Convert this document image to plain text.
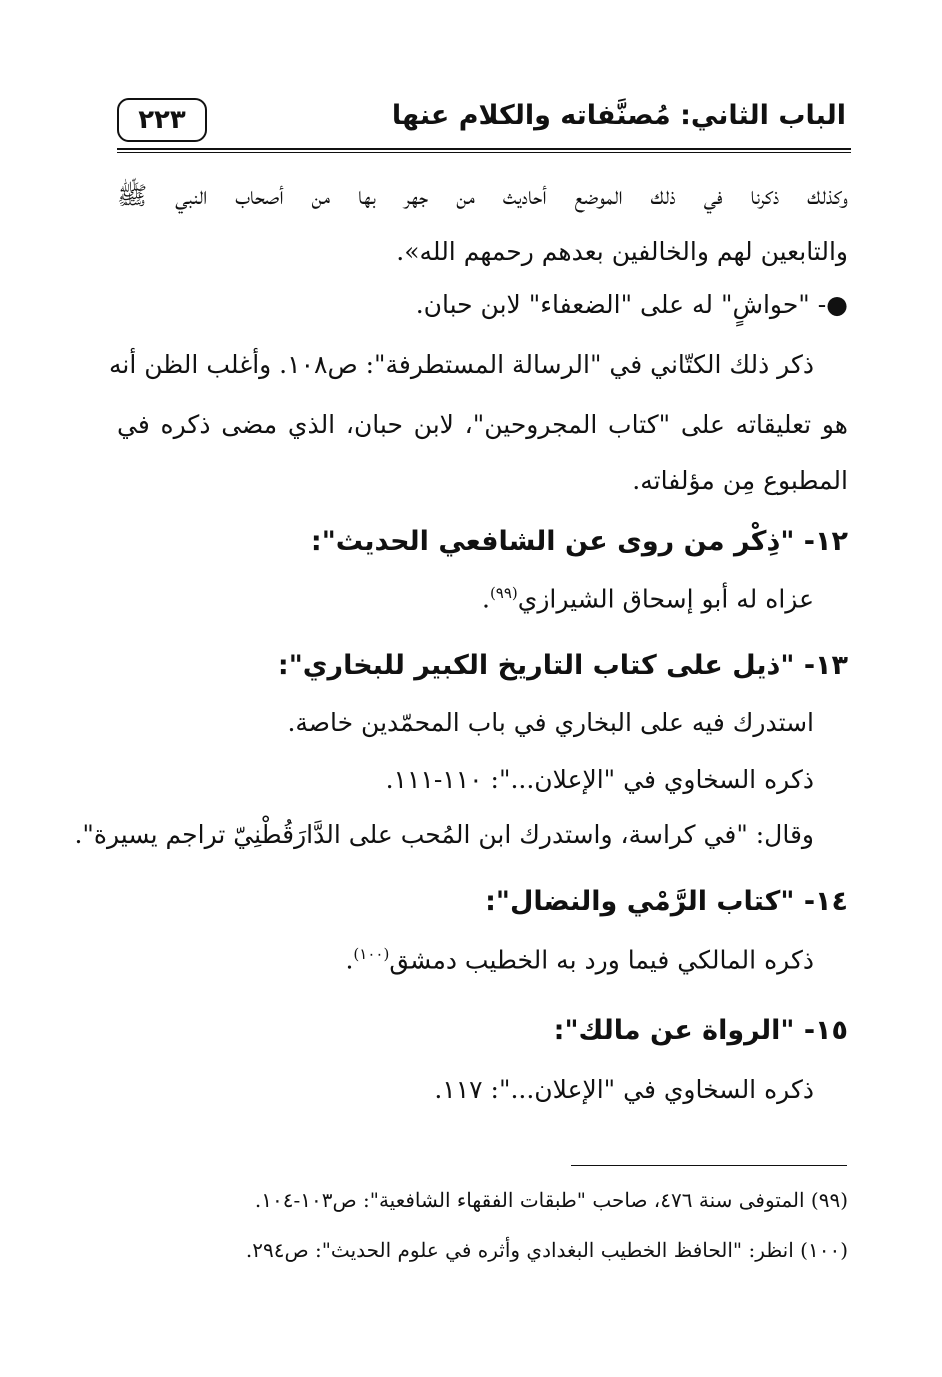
الباب الثاني: مُصنَّفاته والكلام عنها
٢٢٣
وكذلك ذكرنا في ذلك الموضع أحاديث من جهر بها من أصحاب النبي ﷺ
والتابعين لهم والخالفين بعدهم رحمهم الله».
●- "حواشٍ" له على "الضعفاء" لابن حبان.
ذكر ذلك الكتّاني في "الرسالة المستطرفة": ص١٠٨. وأغلب الظن أنه
هو تعليقاته على "كتاب المجروحين"، لابن حبان، الذي مضى ذكره في
المطبوع مِن مؤلفاته.
١٢- "ذِكْر من روى عن الشافعي الحديث":
عزاه له أبو إسحاق الشيرازي$^{(٩٩)}$.
١٣- "ذيل على كتاب التاريخ الكبير للبخاري":
استدرك فيه على البخاري في باب المحمّدين خاصة.
ذكره السخاوي في "الإعلان...": ١١٠-١١١.
وقال: "في كراسة، واستدرك ابن المُحب على الدَّارَقُطْنِيّ تراجم يسيرة".
١٤- "كتاب الرَّمْي والنضال":
ذكره المالكي فيما ورد به الخطيب دمشق$^{(١٠٠)}$.
١٥- "الرواة عن مالك":
ذكره السخاوي في "الإعلان...": ١١٧.
(٩٩) المتوفى سنة ٤٧٦، صاحب "طبقات الفقهاء الشافعية": ص١٠٣-١٠٤.
(١٠٠) انظر: "الحافظ الخطيب البغدادي وأثره في علوم الحديث": ص٢٩٤.
